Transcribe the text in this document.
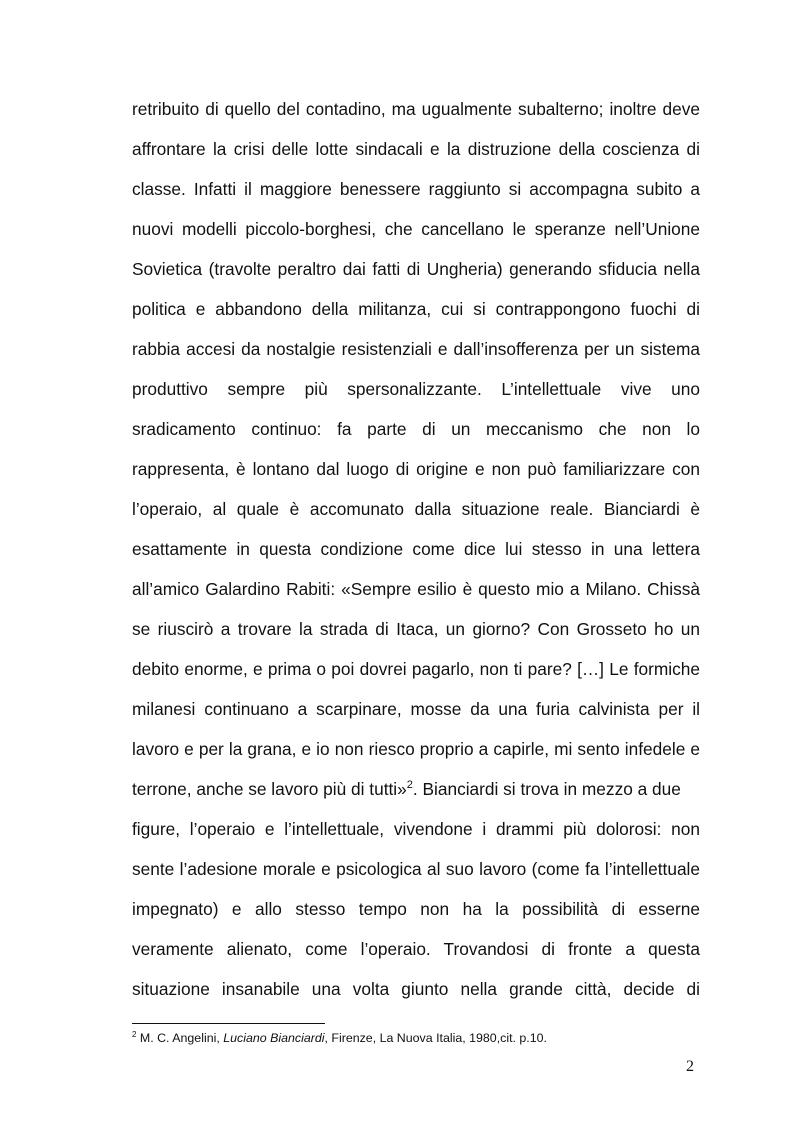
retribuito di quello del contadino, ma ugualmente subalterno; inoltre deve
affrontare la crisi delle lotte sindacali e la distruzione della coscienza di
classe. Infatti il maggiore benessere raggiunto si accompagna subito a
nuovi modelli piccolo-borghesi, che cancellano le speranze nell’Unione
Sovietica (travolte peraltro dai fatti di Ungheria) generando sfiducia nella
politica e abbandono della militanza, cui si contrappongono fuochi di
rabbia accesi da nostalgie resistenziali e dall’insofferenza per un sistema
produttivo sempre più spersonalizzante. L’intellettuale vive uno
sradicamento continuo: fa parte di un meccanismo che non lo
rappresenta, è lontano dal luogo di origine e non può familiarizzare con
l’operaio, al quale è accomunato dalla situazione reale. Bianciardi è
esattamente in questa condizione come dice lui stesso in una lettera
all’amico Galardino Rabiti: «Sempre esilio è questo mio a Milano. Chissà
se riuscirò a trovare la strada di Itaca, un giorno? Con Grosseto ho un
debito enorme, e prima o poi dovrei pagarlo, non ti pare? […] Le formiche
milanesi continuano a scarpinare, mosse da una furia calvinista per il
lavoro e per la grana, e io non riesco proprio a capirle, mi sento infedele e
terrone, anche se lavoro più di tutti»$^2$. Bianciardi si trova in mezzo a due
figure, l’operaio e l’intellettuale, vivendone i drammi più dolorosi: non
sente l’adesione morale e psicologica al suo lavoro (come fa l’intellettuale
impegnato) e allo stesso tempo non ha la possibilità di esserne
veramente alienato, come l’operaio. Trovandosi di fronte a questa
situazione insanabile una volta giunto nella grande città, decide di
$^2$ M. C. Angelini, Luciano Bianciardi, Firenze, La Nuova Italia, 1980,cit. p.10.
2
